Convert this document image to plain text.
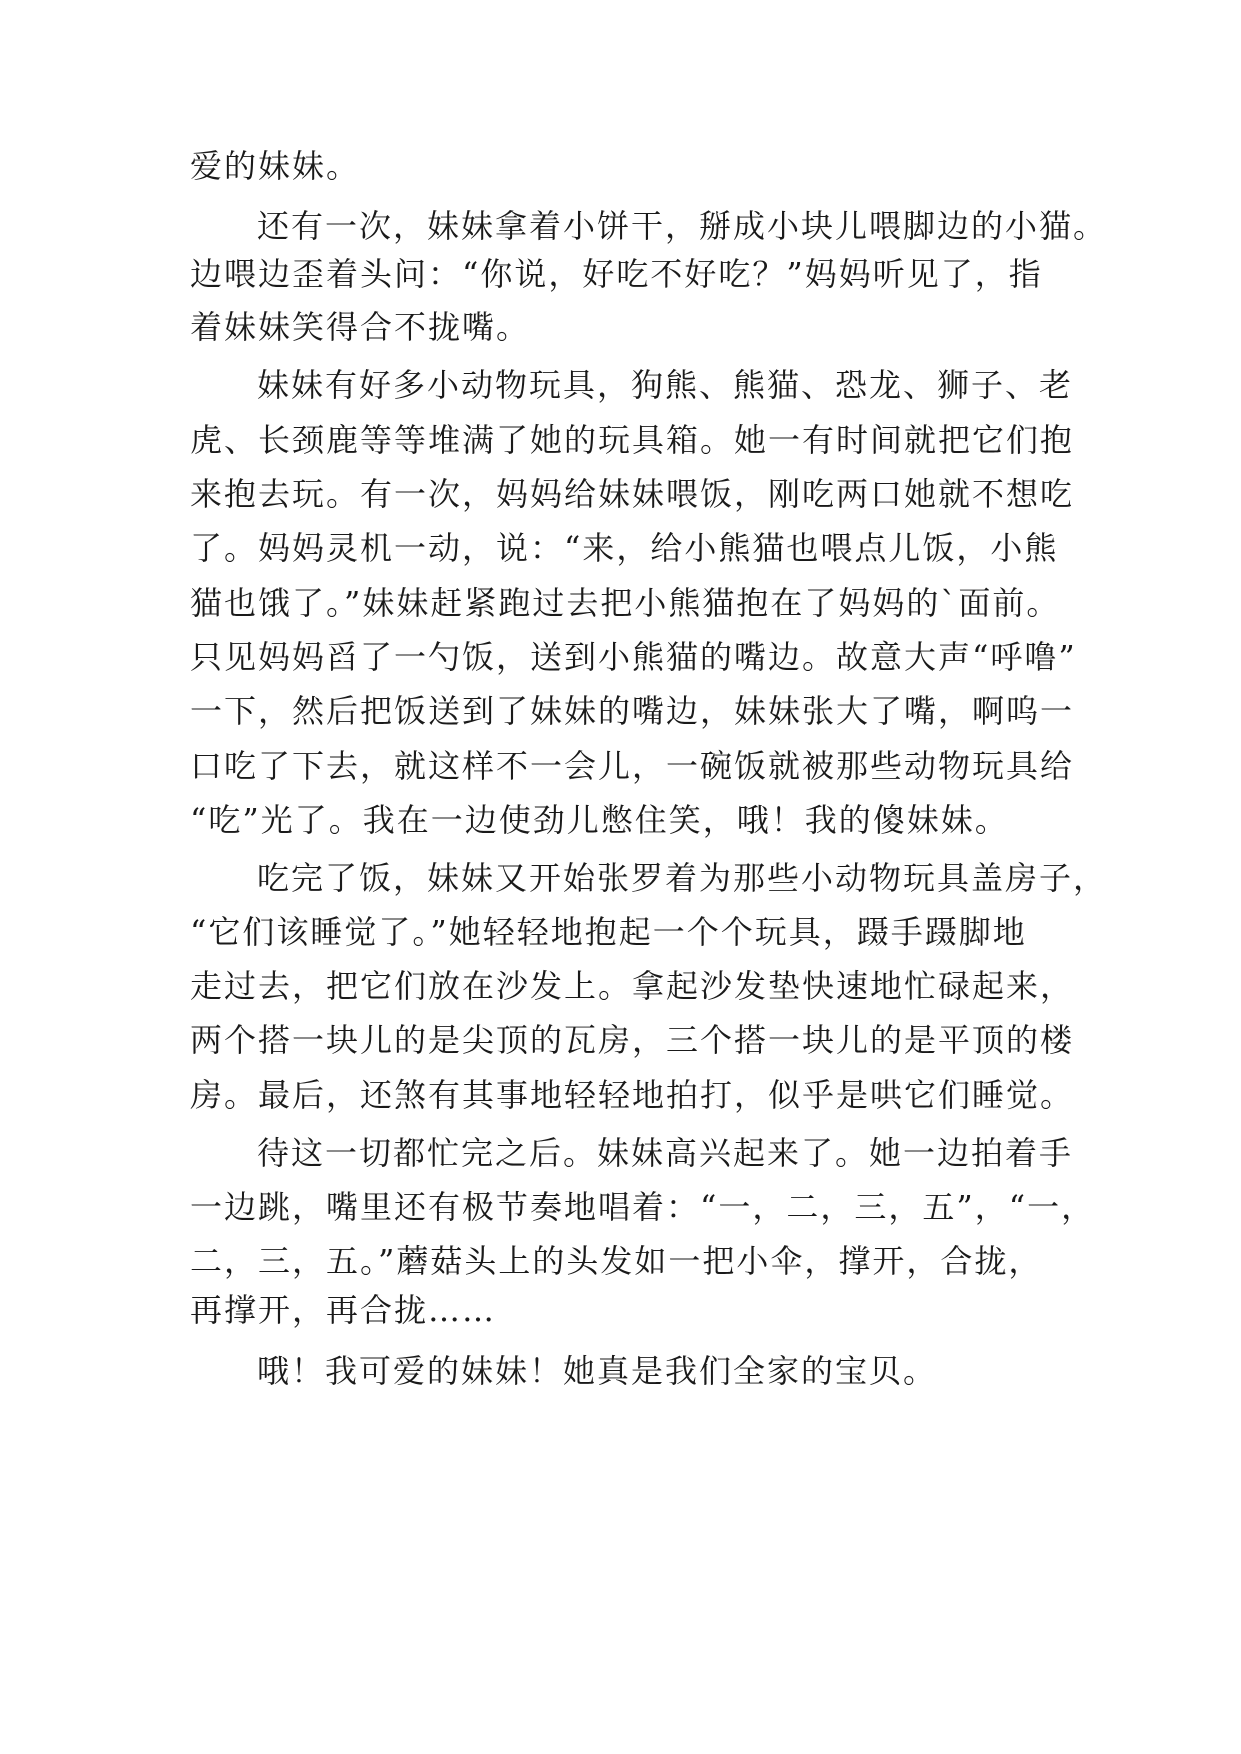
爱的妹妹。
还有一次，妹妹拿着小饼干，掰成小块儿喂脚边的小猫。
边喂边歪着头问：“你说，好吃不好吃？”妈妈听见了，指
着妹妹笑得合不拢嘴。
妹妹有好多小动物玩具，狗熊、熊猫、恐龙、狮子、老
虎、长颈鹿等等堆满了她的玩具箱。她一有时间就把它们抱
来抱去玩。有一次，妈妈给妹妹喂饭，刚吃两口她就不想吃
了。妈妈灵机一动，说：“来，给小熊猫也喂点儿饭，小熊
猫也饿了。”妹妹赶紧跑过去把小熊猫抱在了妈妈的`面前。
只见妈妈舀了一勺饭，送到小熊猫的嘴边。故意大声“呼噜”
一下，然后把饭送到了妹妹的嘴边，妹妹张大了嘴，啊呜一
口吃了下去，就这样不一会儿，一碗饭就被那些动物玩具给
“吃”光了。我在一边使劲儿憋住笑，哦！我的傻妹妹。
吃完了饭，妹妹又开始张罗着为那些小动物玩具盖房子，
“它们该睡觉了。”她轻轻地抱起一个个玩具，蹑手蹑脚地
走过去，把它们放在沙发上。拿起沙发垫快速地忙碌起来，
两个搭一块儿的是尖顶的瓦房，三个搭一块儿的是平顶的楼
房。最后，还煞有其事地轻轻地拍打，似乎是哄它们睡觉。
待这一切都忙完之后。妹妹高兴起来了。她一边拍着手
一边跳，嘴里还有极节奏地唱着：“一，二，三，五”，“一，
二，三，五。”蘑菇头上的头发如一把小伞，撑开，合拢，
再撑开，再合拢……
哦！我可爱的妹妹！她真是我们全家的宝贝。
